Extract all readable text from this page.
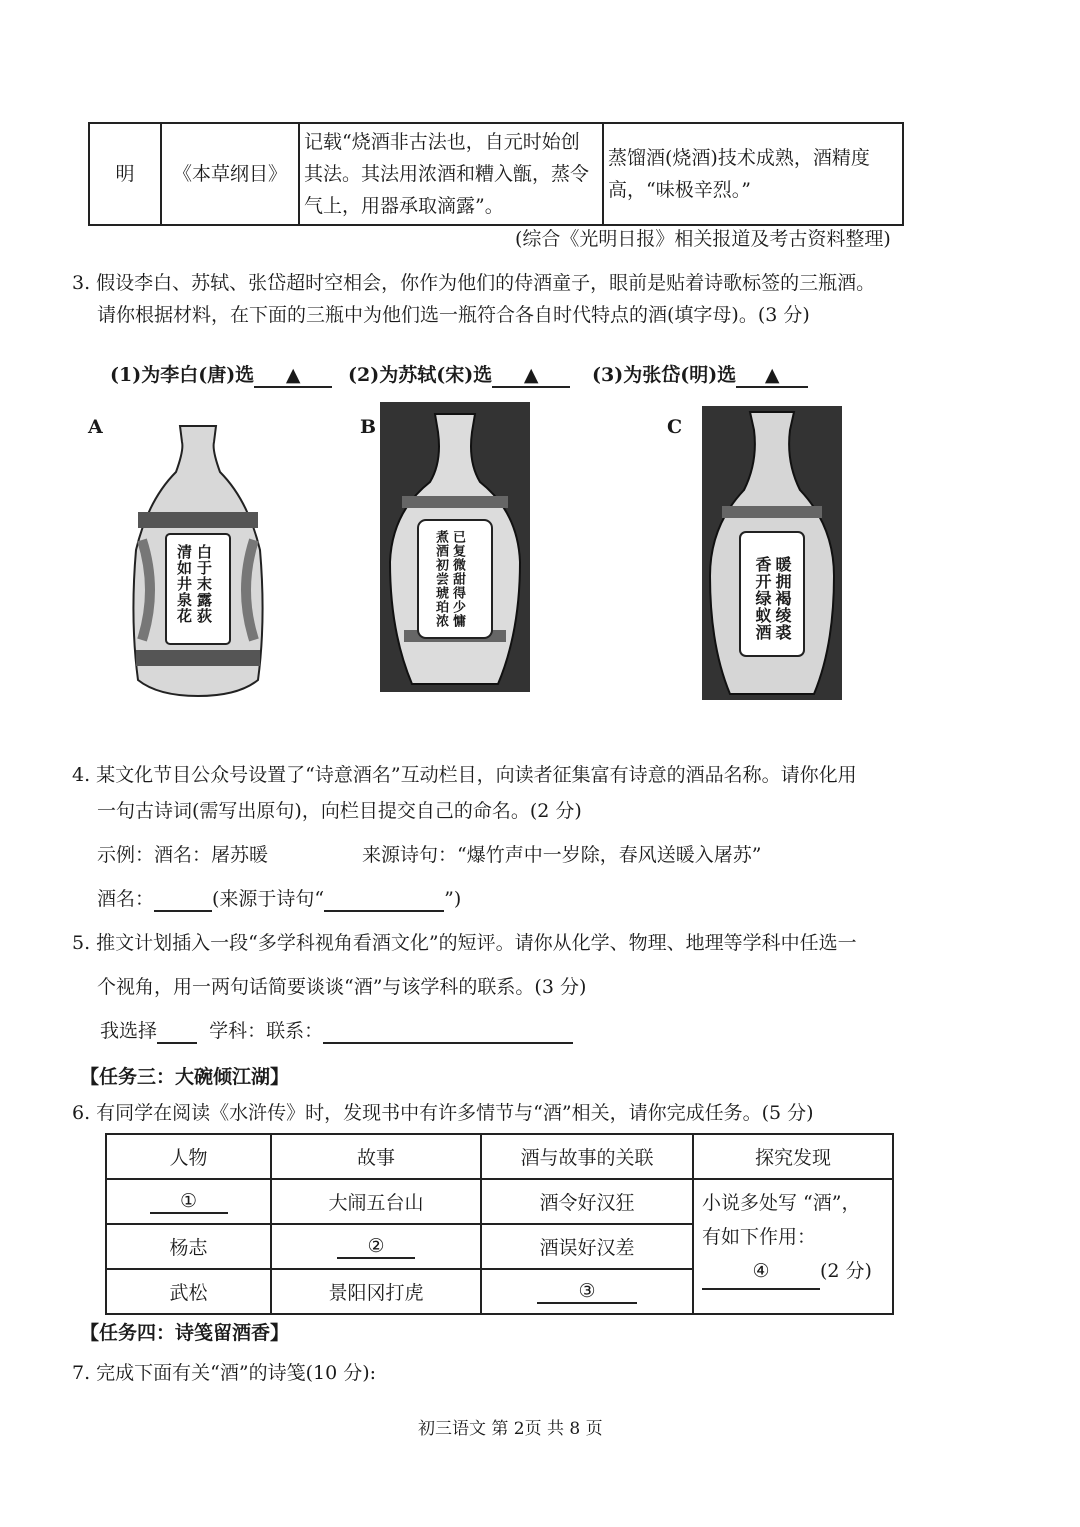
明	《本草纲目》	记载“烧酒非古法也，自元时始创其法。其法用浓酒和糟入甑，蒸令气上，用器承取滴露”。	蒸馏酒(烧酒)技术成熟，酒精度高，“味极辛烈。”
(综合《光明日报》相关报道及考古资料整理)
3. 假设李白、苏轼、张岱超时空相会，你作为他们的侍酒童子，眼前是贴着诗歌标签的三瓶酒。
请你根据材料，在下面的三瓶中为他们选一瓶符合各自时代特点的酒(填字母)。(3 分)
(1)为李白(唐)选 ▲	(2)为苏轼(宋)选 ▲	(3)为张岱(明)选 ▲
A
清如井泉花 白于末露荻
B
煮酒初尝琥珀浓 已复微甜得少慵
C
香开绿蚁酒暖拥褐绫裘
4. 某文化节目公众号设置了“诗意酒名”互动栏目，向读者征集富有诗意的酒品名称。请你化用
一句古诗词(需写出原句)，向栏目提交自己的命名。(2 分)
示例：酒名：屠苏暖	来源诗句：“爆竹声中一岁除，春风送暖入屠苏”
酒名：	(来源于诗句“	”)
5. 推文计划插入一段“多学科视角看酒文化”的短评。请你从化学、物理、地理等学科中任选一
个视角，用一两句话简要谈谈“酒”与该学科的联系。(3 分)
我选择	学科：联系：
【任务三：大碗倾江湖】
6. 有同学在阅读《水浒传》时，发现书中有许多情节与“酒”相关，请你完成任务。(5 分)
人物	故事	酒与故事的关联	探究发现
①	大闹五台山	酒令好汉狂	小说多处写 “酒”，
有如下作用：
④ (2 分)

杨志	②	酒误好汉差	
武松	景阳冈打虎	③	
【任务四：诗笺留酒香】
7. 完成下面有关“酒”的诗笺(10 分):
初三语文 第 2页 共 8 页
